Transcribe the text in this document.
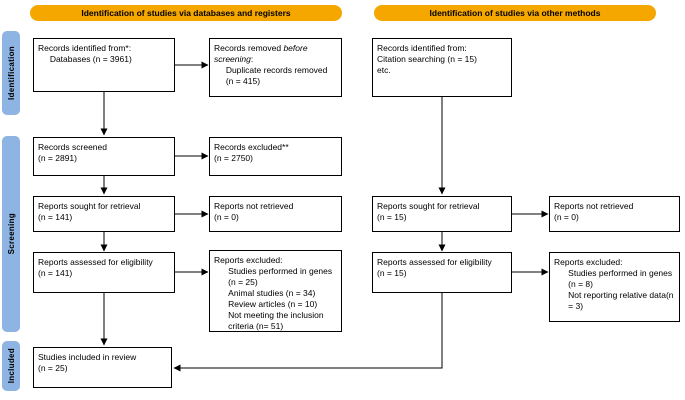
Identification of studies via databases and registers	Identification of studies via other methods
Identification
Screening
Included
Records identified from*:
Databases (n = 3961)
Records screened
(n = 2891)
Reports sought for retrieval
(n = 141)
Reports assessed for eligibility
(n = 141)
Studies included in review
(n = 25)
Records removed before
screening:
Duplicate records removed
(n = 415)
Records excluded**
(n = 2750)
Reports not retrieved
(n = 0)
Reports excluded:
Studies performed in genes
(n = 25)
Animal studies (n = 34)
Review articles (n = 10)
Not meeting the inclusion
criteria (n= 51)
Records identified from:
Citation searching (n = 15)
etc.
Reports sought for retrieval
(n = 15)
Reports assessed for eligibility
(n = 15)
Reports not retrieved
(n = 0)
Reports excluded:
Studies performed in genes
(n = 8)
Not reporting relative data(n
= 3)
